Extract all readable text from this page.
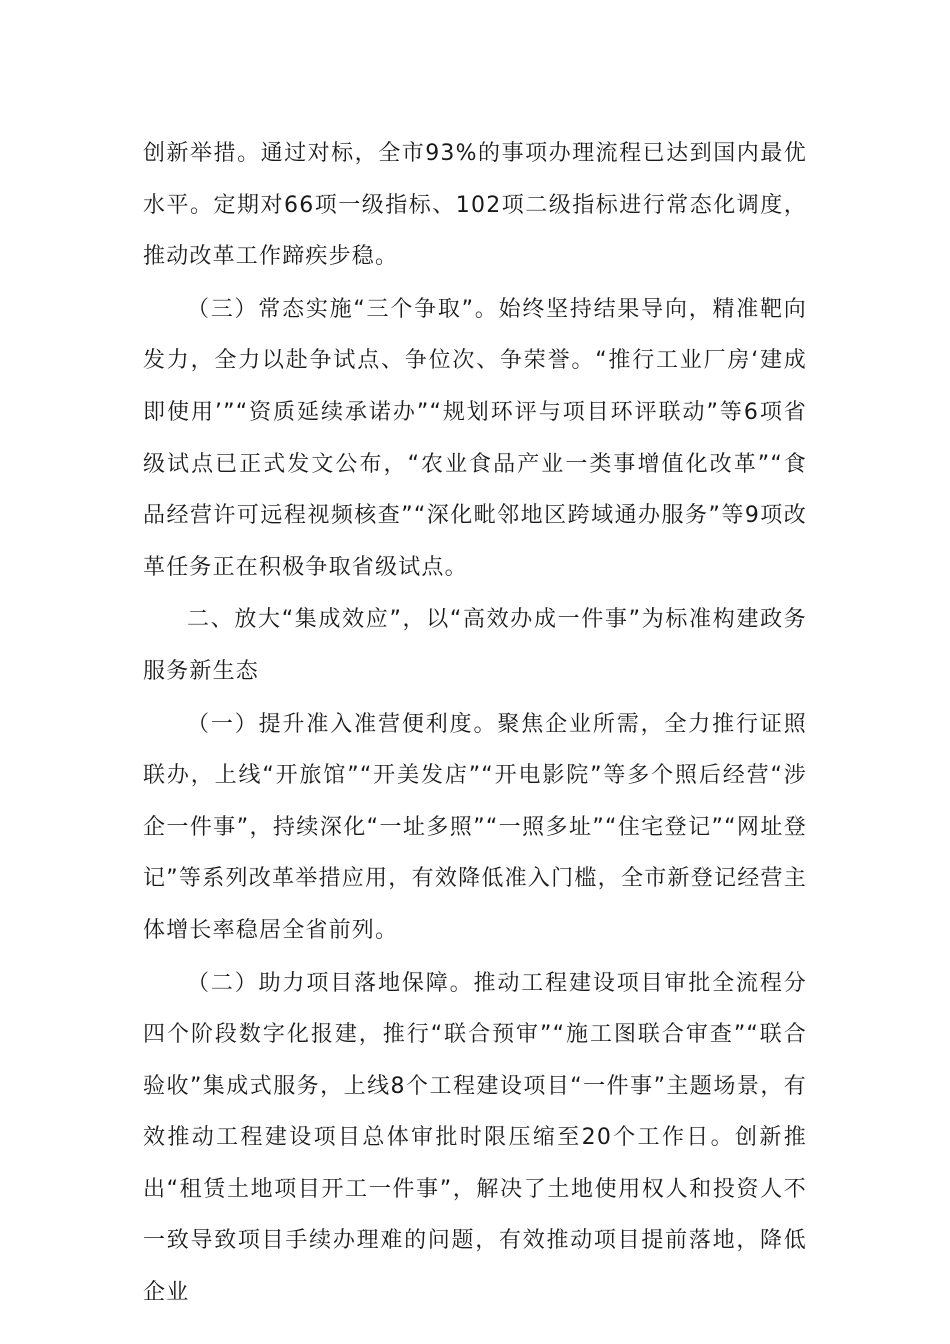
创新举措。通过对标，全市93%的事项办理流程已达到国内最优水平。定期对66项一级指标、102项二级指标进行常态化调度，推动改革工作蹄疾步稳。

（三）常态实施“三个争取”。始终坚持结果导向，精准靶向发力，全力以赴争试点、争位次、争荣誉。“推行工业厂房‘建成即使用’”“资质延续承诺办”“规划环评与项目环评联动”等6项省级试点已正式发文公布，“农业食品产业一类事增值化改革”“食品经营许可远程视频核查”“深化毗邻地区跨域通办服务”等9项改革任务正在积极争取省级试点。

二、放大“集成效应”，以“高效办成一件事”为标准构建政务服务新生态

（一）提升准入准营便利度。聚焦企业所需，全力推行证照联办，上线“开旅馆”“开美发店”“开电影院”等多个照后经营“涉企一件事”，持续深化“一址多照”“一照多址”“住宅登记”“网址登记”等系列改革举措应用，有效降低准入门槛，全市新登记经营主体增长率稳居全省前列。

（二）助力项目落地保障。推动工程建设项目审批全流程分四个阶段数字化报建，推行“联合预审”“施工图联合审查”“联合验收”集成式服务，上线8个工程建设项目“一件事”主题场景，有效推动工程建设项目总体审批时限压缩至20个工作日。创新推出“租赁土地项目开工一件事”，解决了土地使用权人和投资人不一致导致项目手续办理难的问题，有效推动项目提前落地，降低企业
